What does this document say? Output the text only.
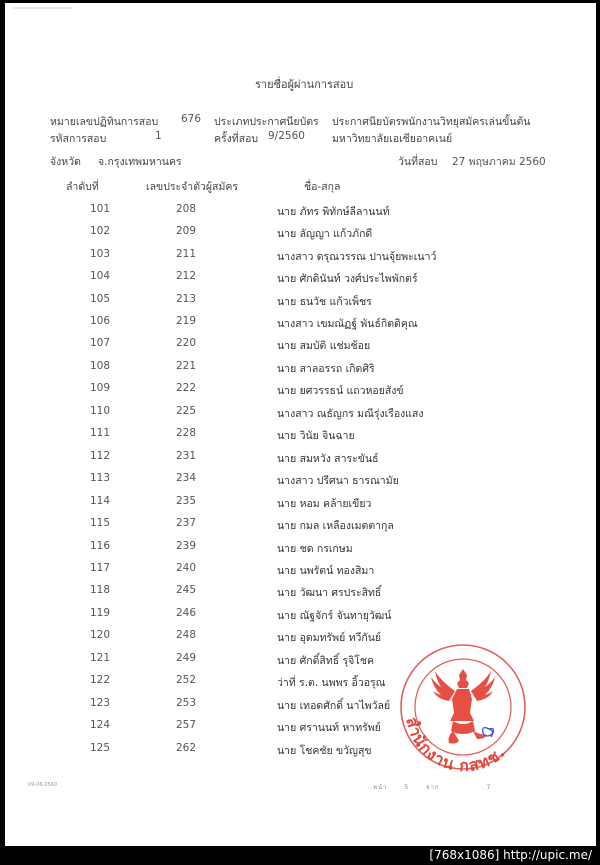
รายชื่อผู้ผ่านการสอบ
หมายเลขปฏิทินการสอบ 676 ประเภทประกาศนียบัตร ประกาศนียบัตรพนักงานวิทยุสมัครเล่นขั้นต้น
รหัสการสอบ	1	ครั้งที่สอบ 9/2560	มหาวิทยาลัยเอเชียอาคเนย์
จังหวัด จ.กรุงเทพมหานคร	วันที่สอบ 27 พฤษภาคม 2560
ลำดับที่	เลขประจำตัวผู้สมัคร	ชื่อ-สกุล
101	208	นาย ภัทร พิทักษ์ลีลานนท์
102	209	นาย ลัญญา แก้วภักดี
103	211	นางสาว ดรุณวรรณ ปานจุ้ยพะเนาว์
104	212	นาย ศักดินันท์ วงศ์ประไพพักตร์
105	213	นาย ธนวัช แก้วเพ็ชร
106	219	นางสาว เขมณัฏฐ์ พันธ์กิตติคุณ
107	220	นาย สมบัติ แช่มช้อย
108	221	นาย สาลอรรถ เกิดศิริ
109	222	นาย ยศวรรธน์ แถวหอยสังข์
110	225	นางสาว ณธัญกร มณีรุ่งเรืองแสง
111	228	นาย วินัย จินฉาย
112	231	นาย สมหวัง สาระขันธ์
113	234	นางสาว ปรีศนา ธารณามัย
114	235	นาย หอม คล้ายเขียว
115	237	นาย กมล เหลืองเมตตากุล
116	239	นาย ชด กรเกษม
117	240	นาย นพรัตน์ ทองสิมา
118	245	นาย วัฒนา ศรประสิทธิ์
119	246	นาย ณัฐจักร์ จันทายุวัฒน์
120	248	นาย อุดมทรัพย์ ทวีกันย์
121	249	นาย ศักดิ์สิทธิ์ รุจิโชค
122	252	ว่าที่ ร.ต. นพพร อิ้วอรุณ
123	253	นาย เทอดศักดิ์ นาไพวัลย์
124	257	นาย ศรานนท์ หาทรัพย์
125	262	นาย โชคชัย ขวัญสุข
สำนักงาน กสทช.
09-06-2560	หน้า	5	จาก	7
[768x1086] http://upic.me/
